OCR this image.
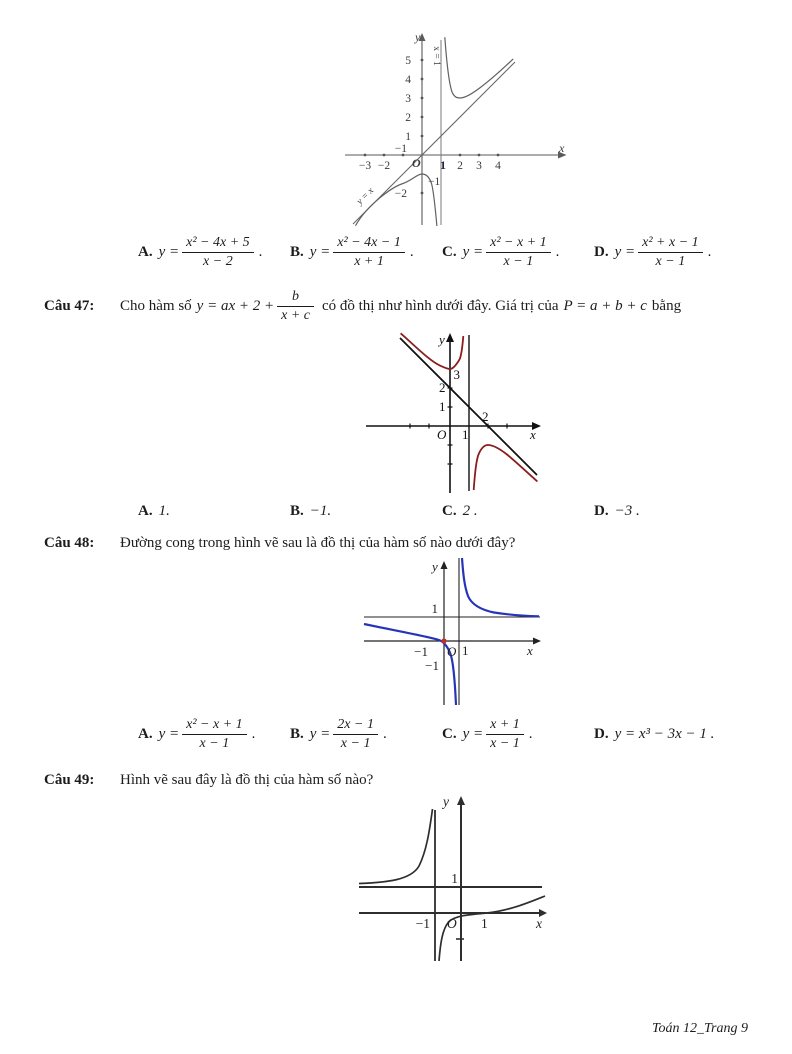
y
x
O
5
4
3
2
1
−1
−3 −2	1 2 3 4
−1
−2
x = 1
y = x
A. $y = \frac{\text{x² − 4x + 5}}{x - 2}$ . B. $y = \frac{\text{x² − 4x − 1}}{x + 1}$ . C. $y = \frac{\text{x² − x + 1}}{x - 1}$ . D. $y = \frac{\text{x² + x − 1}}{x - 1}$ .
Câu 47:	Cho hàm số y = ax + $2 + \frac{b}{x + c}$ có đồ thị như hình dưới đây. Giá trị của P = a + b + c bằng
y
x
O
3
2
1
1
2
A. 1.	B. −1.	C. 2 .	D. −3 .
Câu 48:	Đường cong trong hình vẽ sau là đồ thị của hàm số nào dưới đây?
y
x
O
1
−1	1
−1
A. $y = \frac{\text{x² − x + 1}}{x - 1}$ . B. $y = \frac{2x - 1}{x - 1}$ .	C. $y = \frac{x + 1}{x - 1}$ .	D. y = x³ − 3x − 1 .
Câu 49:	Hình vẽ sau đây là đồ thị của hàm số nào?
y
x
O
1
−1	1
Toán 12_Trang 9
